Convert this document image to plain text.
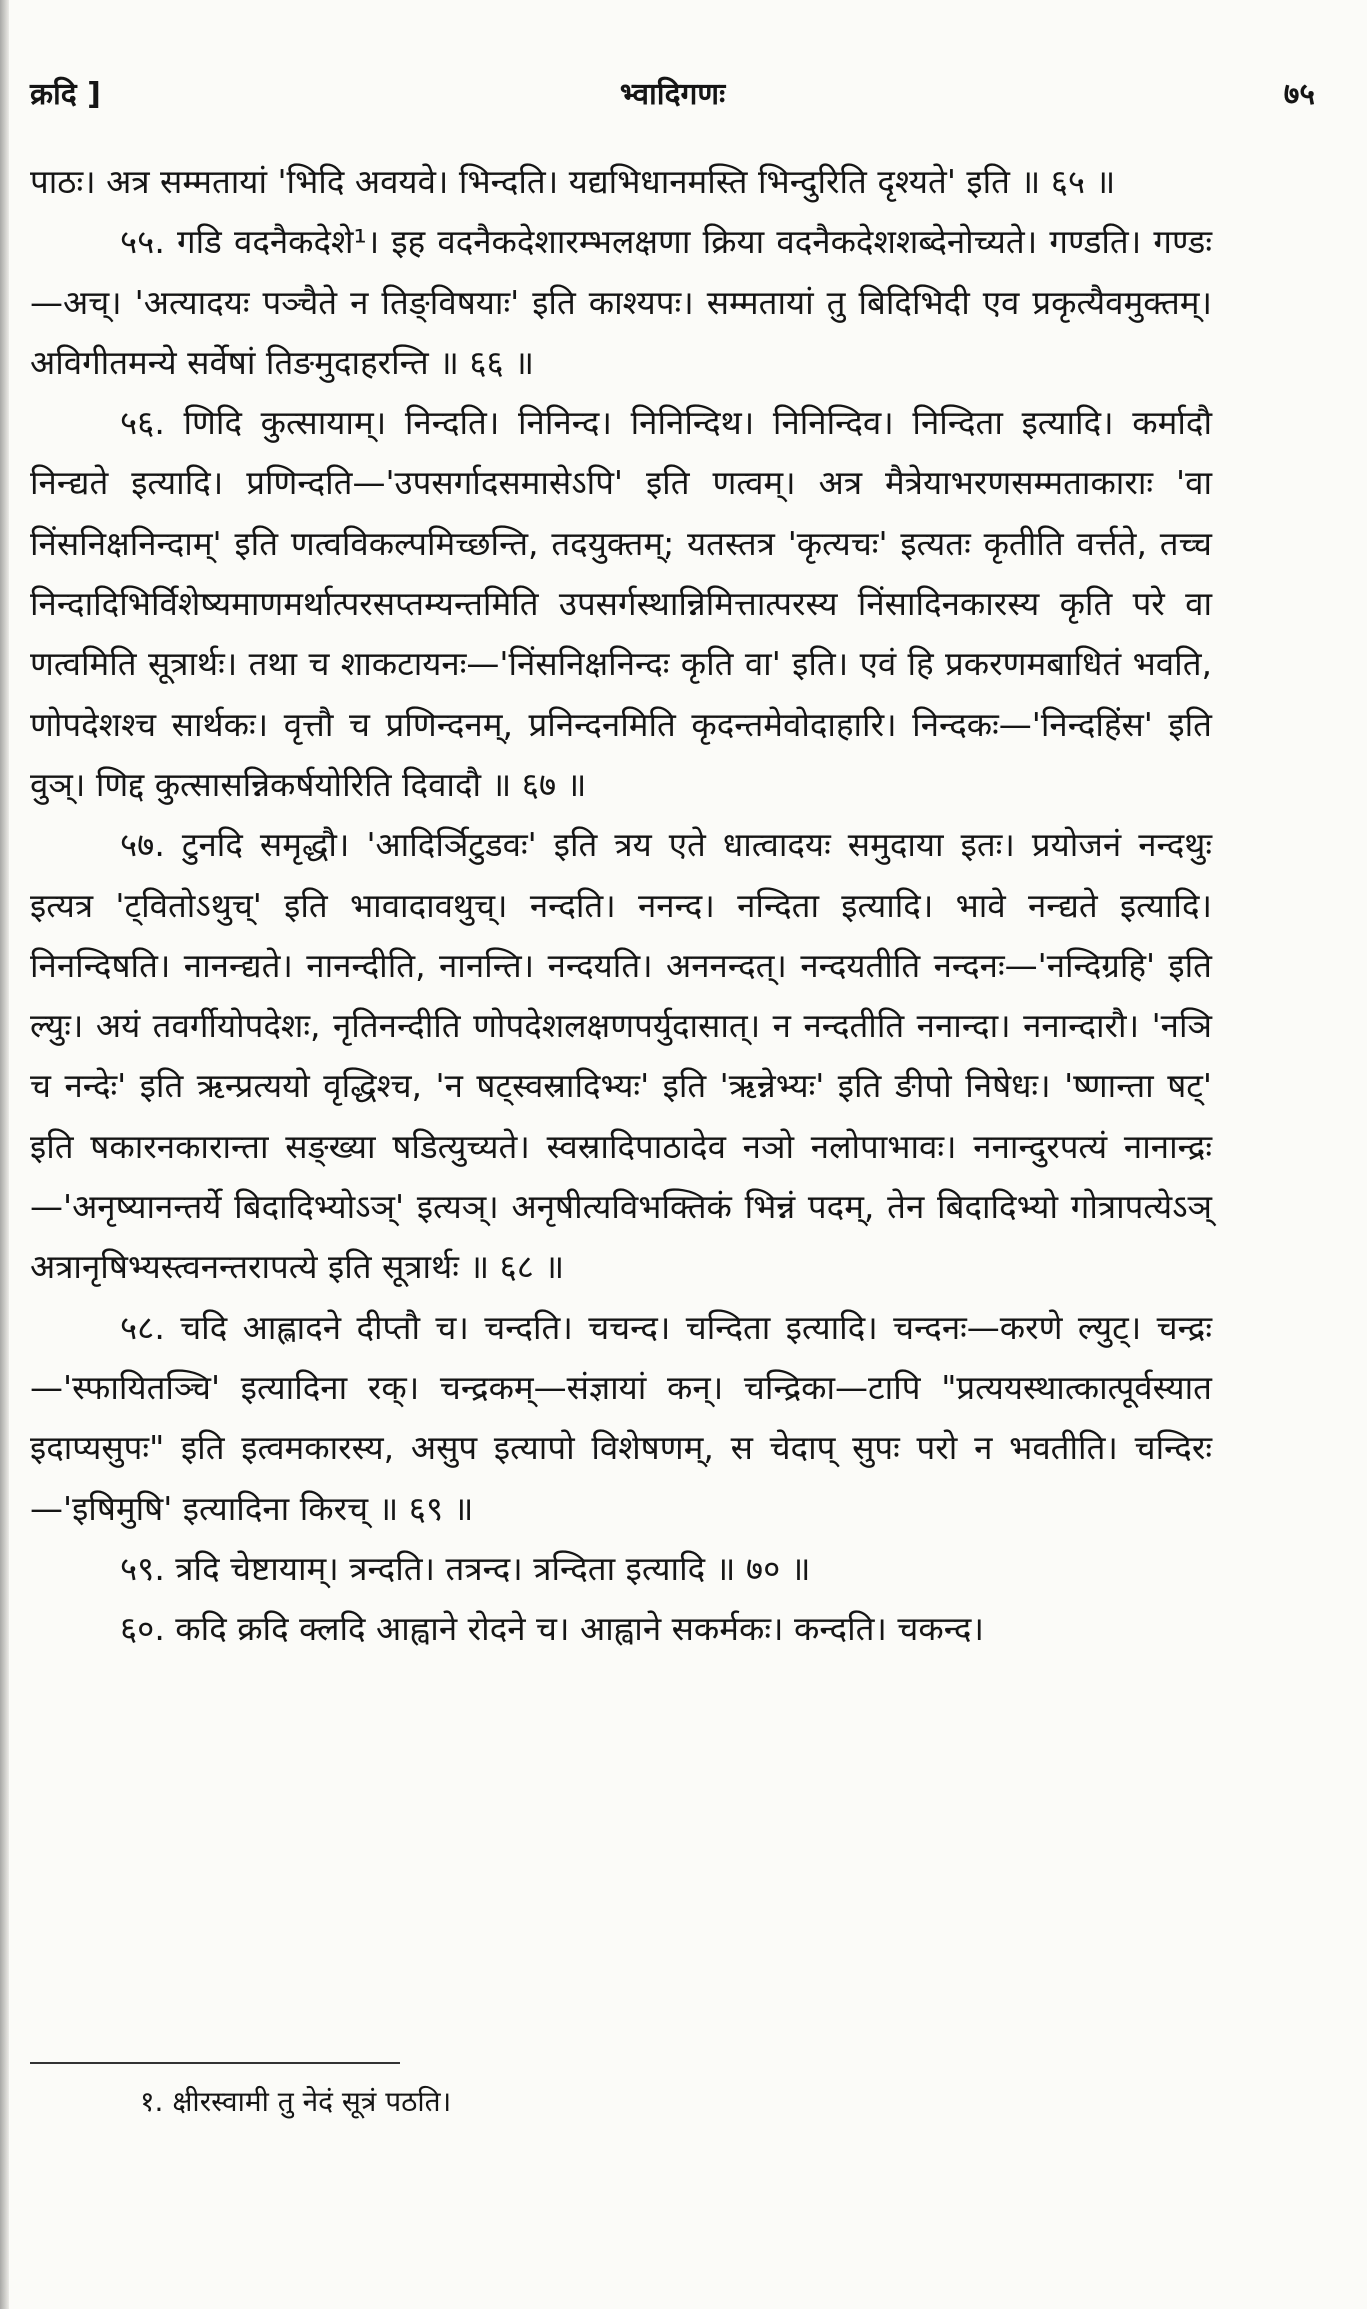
क्रदि ]	भ्वादिगणः	७५

पाठः। अत्र सम्मतायां 'भिदि अवयवे। भिन्दति। यद्यभिधानमस्ति भिन्दुरिति दृश्यते' इति ॥ ६५ ॥

५५. गडि वदनैकदेशे¹। इह वदनैकदेशारम्भलक्षणा क्रिया वदनैकदेशशब्देनोच्यते। गण्डति। गण्डः—अच्। 'अत्यादयः पञ्चैते न तिङ्विषयाः' इति काश्यपः। सम्मतायां तु बिदिभिदी एव प्रकृत्यैवमुक्तम्। अविगीतमन्ये सर्वेषां तिङमुदाहरन्ति ॥ ६६ ॥

५६. णिदि कुत्सायाम्। निन्दति। निनिन्द। निनिन्दिथ। निनिन्दिव। निन्दिता इत्यादि। कर्मादौ निन्द्यते इत्यादि। प्रणिन्दति—'उपसर्गादसमासेऽपि' इति णत्वम्। अत्र मैत्रेयाभरणसम्मताकाराः 'वा निंसनिक्षनिन्दाम्' इति णत्वविकल्पमिच्छन्ति, तदयुक्तम्; यतस्तत्र 'कृत्यचः' इत्यतः कृतीति वर्त्तते, तच्च निन्दादिभिर्विशेष्यमाणमर्थात्परसप्तम्यन्तमिति उपसर्गस्थान्निमित्तात्परस्य निंसादिनकारस्य कृति परे वा णत्वमिति सूत्रार्थः। तथा च शाकटायनः—'निंसनिक्षनिन्दः कृति वा' इति। एवं हि प्रकरणमबाधितं भवति, णोपदेशश्च सार्थकः। वृत्तौ च प्रणिन्दनम्, प्रनिन्दनमिति कृदन्तमेवोदाहारि। निन्दकः—'निन्दहिंस' इति वुञ्। णिद्द कुत्सासन्निकर्षयोरिति दिवादौ ॥ ६७ ॥

५७. टुनदि समृद्धौ। 'आदिर्ञिटुडवः' इति त्रय एते धात्वादयः समुदाया इतः। प्रयोजनं नन्दथुः इत्यत्र 'ट्वितोऽथुच्' इति भावादावथुच्। नन्दति। ननन्द। नन्दिता इत्यादि। भावे नन्द्यते इत्यादि। निनन्दिषति। नानन्द्यते। नानन्दीति, नानन्ति। नन्दयति। अननन्दत्। नन्दयतीति नन्दनः—'नन्दिग्रहि' इति ल्युः। अयं तवर्गीयोपदेशः, नृतिनन्दीति णोपदेशलक्षणपर्युदासात्। न नन्दतीति ननान्दा। ननान्दारौ। 'नञि च नन्देः' इति ऋन्प्रत्ययो वृद्धिश्च, 'न षट्स्वस्रादिभ्यः' इति 'ऋन्नेभ्यः' इति ङीपो निषेधः। 'ष्णान्ता षट्' इति षकारनकारान्ता सङ्ख्या षडित्युच्यते। स्वस्रादिपाठादेव नञो नलोपाभावः। ननान्दुरपत्यं नानान्द्रः—'अनृष्यानन्तर्ये बिदादिभ्योऽञ्' इत्यञ्। अनृषीत्यविभक्तिकं भिन्नं पदम्, तेन बिदादिभ्यो गोत्रापत्येऽञ् अत्रानृषिभ्यस्त्वनन्तरापत्ये इति सूत्रार्थः ॥ ६८ ॥

५८. चदि आह्लादने दीप्तौ च। चन्दति। चचन्द। चन्दिता इत्यादि। चन्दनः—करणे ल्युट्। चन्द्रः—'स्फायितञ्चि' इत्यादिना रक्। चन्द्रकम्—संज्ञायां कन्। चन्द्रिका—टापि "प्रत्ययस्थात्कात्पूर्वस्यात इदाप्यसुपः" इति इत्वमकारस्य, असुप इत्यापो विशेषणम्, स चेदाप् सुपः परो न भवतीति। चन्दिरः—'इषिमुषि' इत्यादिना किरच् ॥ ६९ ॥

५९. त्रदि चेष्टायाम्। त्रन्दति। तत्रन्द। त्रन्दिता इत्यादि ॥ ७० ॥

६०. कदि क्रदि क्लदि आह्वाने रोदने च। आह्वाने सकर्मकः। कन्दति। चकन्द।

१. क्षीरस्वामी तु नेदं सूत्रं पठति।
